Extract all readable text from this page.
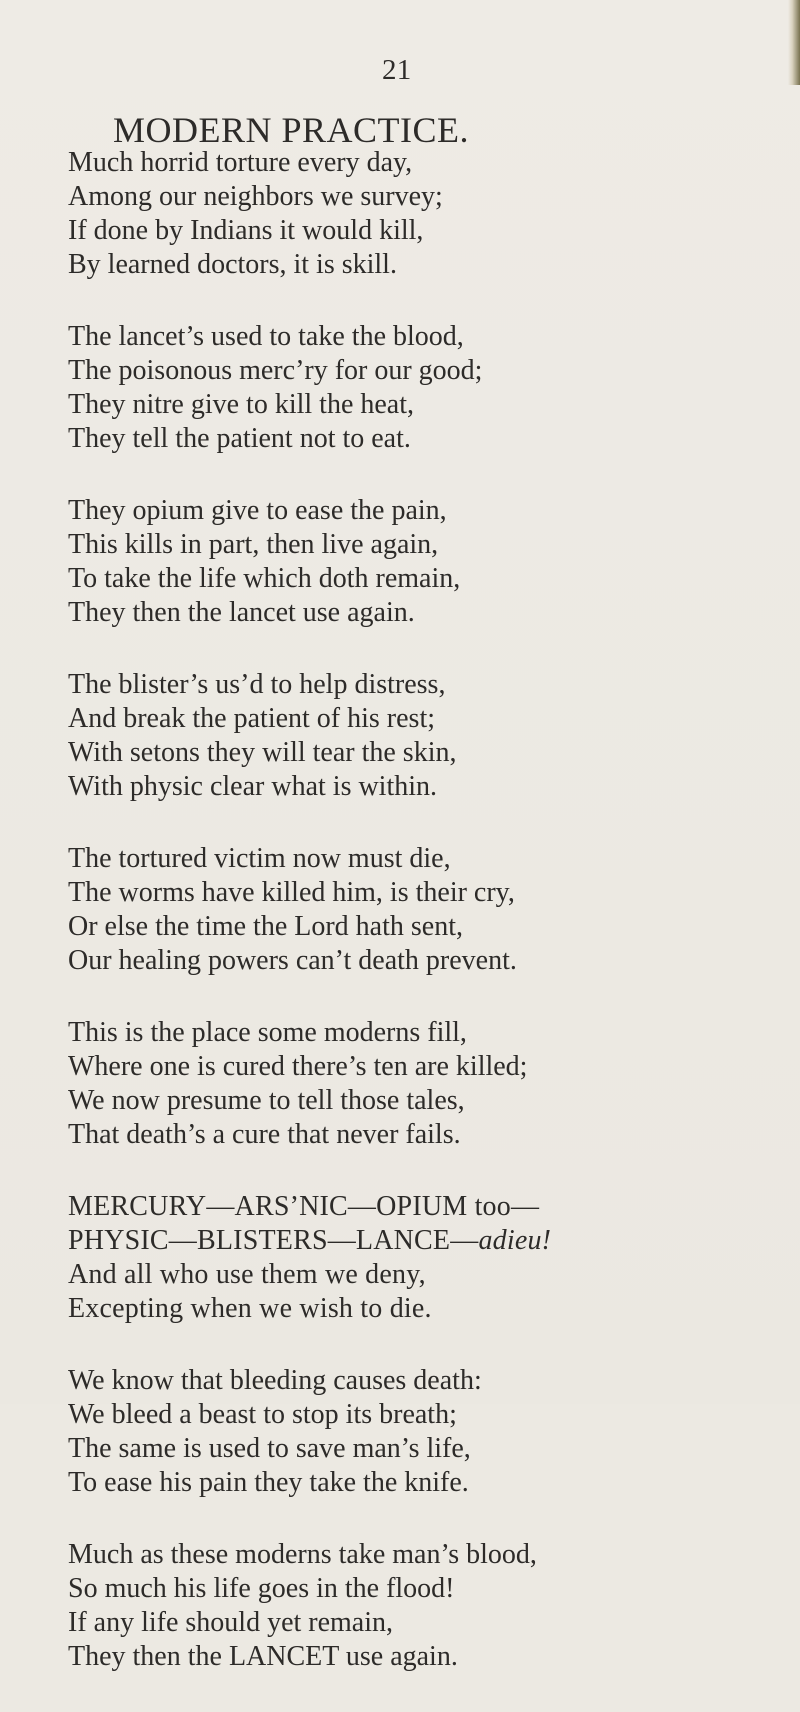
21
MODERN PRACTICE.
Much horrid torture every day,
Among our neighbors we survey;
If done by Indians it would kill,
By learned doctors, it is skill.
The lancet’s used to take the blood,
The poisonous merc’ry for our good;
They nitre give to kill the heat,
They tell the patient not to eat.
They opium give to ease the pain,
This kills in part, then live again,
To take the life which doth remain,
They then the lancet use again.
The blister’s us’d to help distress,
And break the patient of his rest;
With setons they will tear the skin,
With physic clear what is within.
The tortured victim now must die,
The worms have killed him, is their cry,
Or else the time the Lord hath sent,
Our healing powers can’t death prevent.
This is the place some moderns fill,
Where one is cured there’s ten are killed;
We now presume to tell those tales,
That death’s a cure that never fails.
MERCURY—ARS’NIC—OPIUM too—
PHYSIC—BLISTERS—LANCE—adieu!
And all who use them we deny,
Excepting when we wish to die.
We know that bleeding causes death:
We bleed a beast to stop its breath;
The same is used to save man’s life,
To ease his pain they take the knife.
Much as these moderns take man’s blood,
So much his life goes in the flood!
If any life should yet remain,
They then the LANCET use again.
